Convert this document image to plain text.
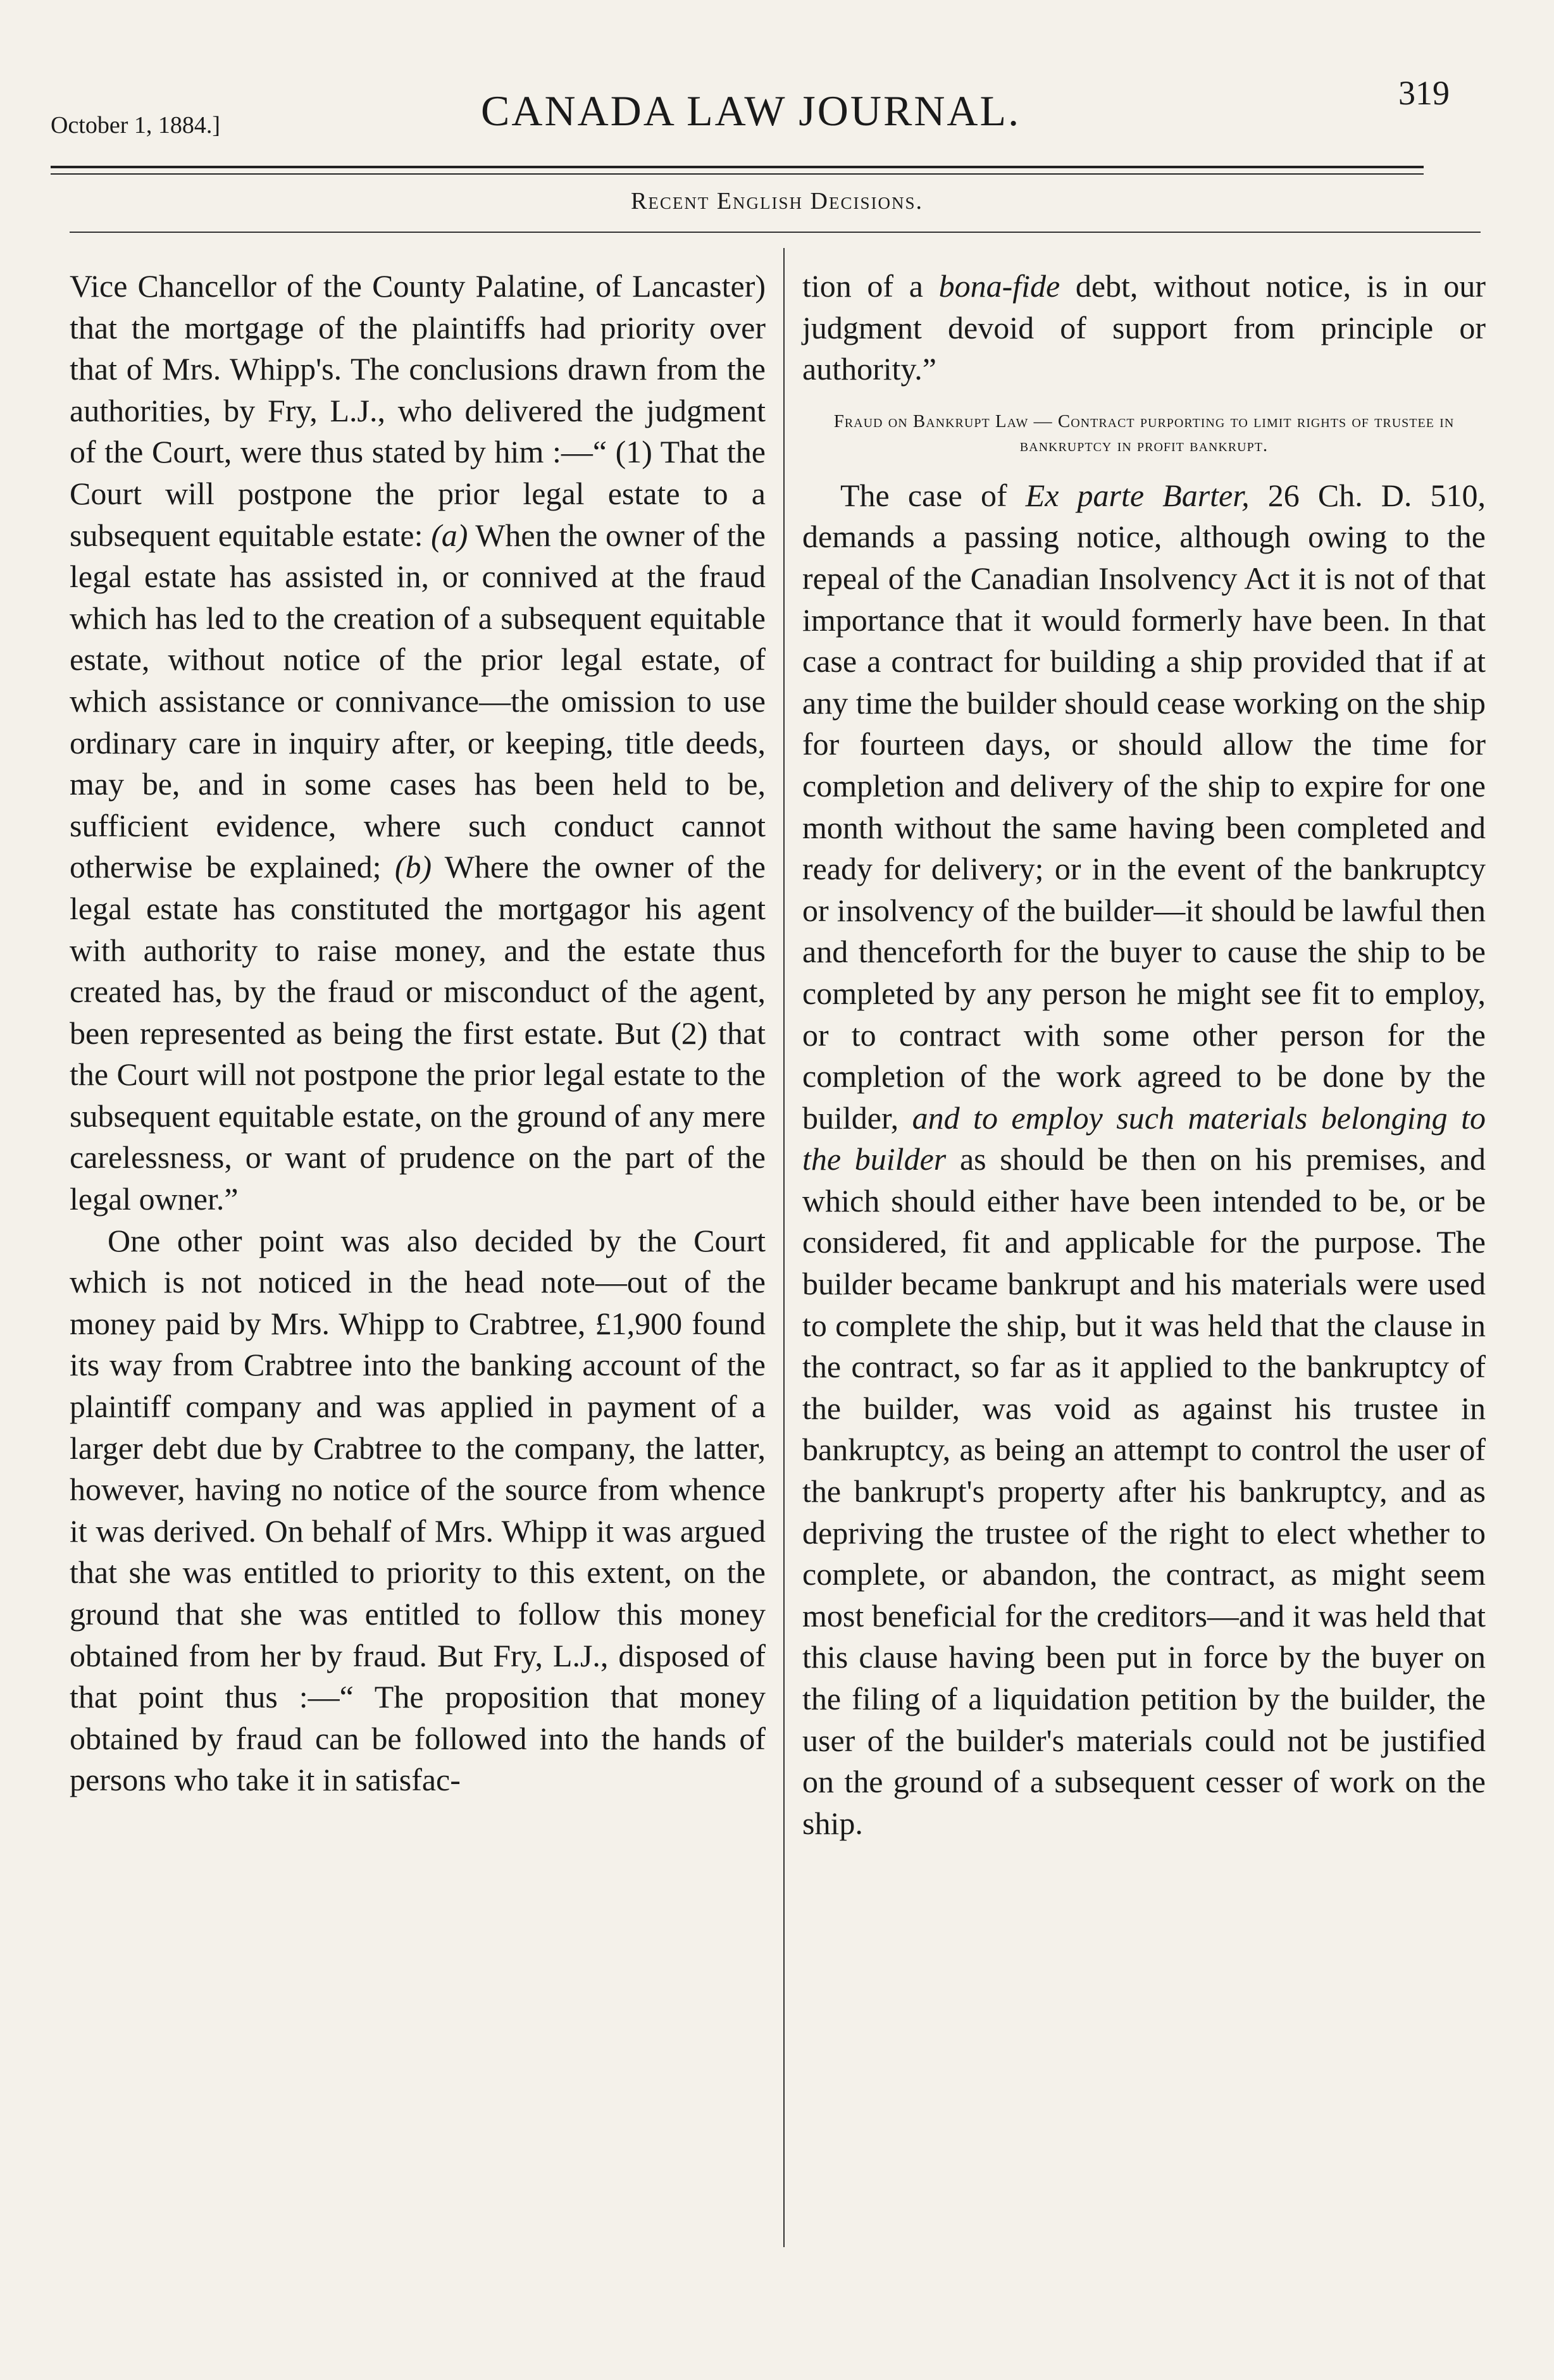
October 1, 1884.]	CANADA LAW JOURNAL.	319
Recent English Decisions.

Vice Chancellor of the County Palatine, of Lancaster) that the mortgage of the plaintiffs had priority over that of Mrs. Whipp's. The conclusions drawn from the authorities, by Fry, L.J., who delivered the judgment of the Court, were thus stated by him :—“ (1) That the Court will postpone the prior legal estate to a subsequent equitable estate: (a) When the owner of the legal estate has assisted in, or connived at the fraud which has led to the creation of a subsequent equitable estate, without notice of the prior legal estate, of which assistance or connivance—the omission to use ordinary care in inquiry after, or keeping, title deeds, may be, and in some cases has been held to be, sufficient evidence, where such conduct cannot otherwise be explained; (b) Where the owner of the legal estate has constituted the mortgagor his agent with authority to raise money, and the estate thus created has, by the fraud or misconduct of the agent, been represented as being the first estate. But (2) that the Court will not postpone the prior legal estate to the subsequent equitable estate, on the ground of any mere carelessness, or want of prudence on the part of the legal owner.”

One other point was also decided by the Court which is not noticed in the head note—out of the money paid by Mrs. Whipp to Crabtree, £1,900 found its way from Crabtree into the banking account of the plaintiff company and was applied in payment of a larger debt due by Crabtree to the company, the latter, however, having no notice of the source from whence it was derived. On behalf of Mrs. Whipp it was argued that she was entitled to priority to this extent, on the ground that she was entitled to follow this money obtained from her by fraud. But Fry, L.J., disposed of that point thus :—“ The proposition that money obtained by fraud can be followed into the hands of persons who take it in satisfac-

tion of a bona-fide debt, without notice, is in our judgment devoid of support from principle or authority.”

Fraud on Bankrupt Law — Contract purporting to limit rights of trustee in bankruptcy in profit bankrupt.

The case of Ex parte Barter, 26 Ch. D. 510, demands a passing notice, although owing to the repeal of the Canadian Insolvency Act it is not of that importance that it would formerly have been. In that case a contract for building a ship provided that if at any time the builder should cease working on the ship for fourteen days, or should allow the time for completion and delivery of the ship to expire for one month without the same having been completed and ready for delivery; or in the event of the bankruptcy or insolvency of the builder—it should be lawful then and thenceforth for the buyer to cause the ship to be completed by any person he might see fit to employ, or to contract with some other person for the completion of the work agreed to be done by the builder, and to employ such materials belonging to the builder as should be then on his premises, and which should either have been intended to be, or be considered, fit and applicable for the purpose. The builder became bankrupt and his materials were used to complete the ship, but it was held that the clause in the contract, so far as it applied to the bankruptcy of the builder, was void as against his trustee in bankruptcy, as being an attempt to control the user of the bankrupt's property after his bankruptcy, and as depriving the trustee of the right to elect whether to complete, or abandon, the contract, as might seem most beneficial for the creditors—and it was held that this clause having been put in force by the buyer on the filing of a liquidation petition by the builder, the user of the builder's materials could not be justified on the ground of a subsequent cesser of work on the ship.
